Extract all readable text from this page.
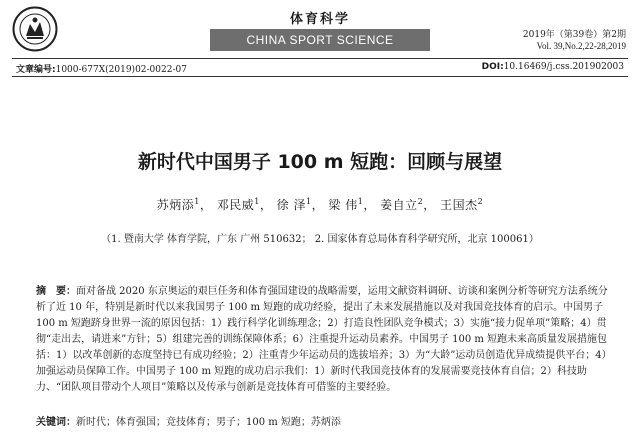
体育科学
CHINA SPORT SCIENCE	2019年（第39卷）第2期
Vol. 39,No.2,22-28,2019
文章编号:1000-677X(2019)02-0022-07	DOI:10.16469/j.css.201902003
新时代中国男子 100 m 短跑：回顾与展望
苏炳添$^1$， 邓民威$^1$， 徐 泽$^1$， 梁 伟$^1$， 姜自立$^2$， 王国杰$^2$
（1. 暨南大学 体育学院，广东 广州 510632； 2. 国家体育总局体育科学研究所，北京 100061）
摘　要：面对备战 2020 东京奥运的艰巨任务和体育强国建设的战略需要，运用文献资料调研、访谈和案例分析等研究方法系统分析了近 10 年，特别是新时代以来我国男子 100 m 短跑的成功经验，提出了未来发展措施以及对我国竞技体育的启示。中国男子 100 m 短跑跻身世界一流的原因包括：1）践行科学化训练理念；2）打造良性团队竞争模式；3）实施“接力促单项”策略；4）贯彻“走出去，请进来”方针；5）组建完善的训练保障体系；6）注重提升运动员素养。中国男子 100 m 短跑未来高质量发展措施包括：1）以改革创新的态度坚持已有成功经验；2）注重青少年运动员的选拔培养；3）为“大龄”运动员创造优异成绩提供平台；4）加强运动员保障工作。中国男子 100 m 短跑的成功启示我们：1）新时代我国竞技体育的发展需要竞技体育自信；2）科技助力、“团队项目带动个人项目”策略以及传承与创新是竞技体育可借鉴的主要经验。
关键词：新时代；体育强国；竞技体育；男子；100 m 短跑；苏炳添
